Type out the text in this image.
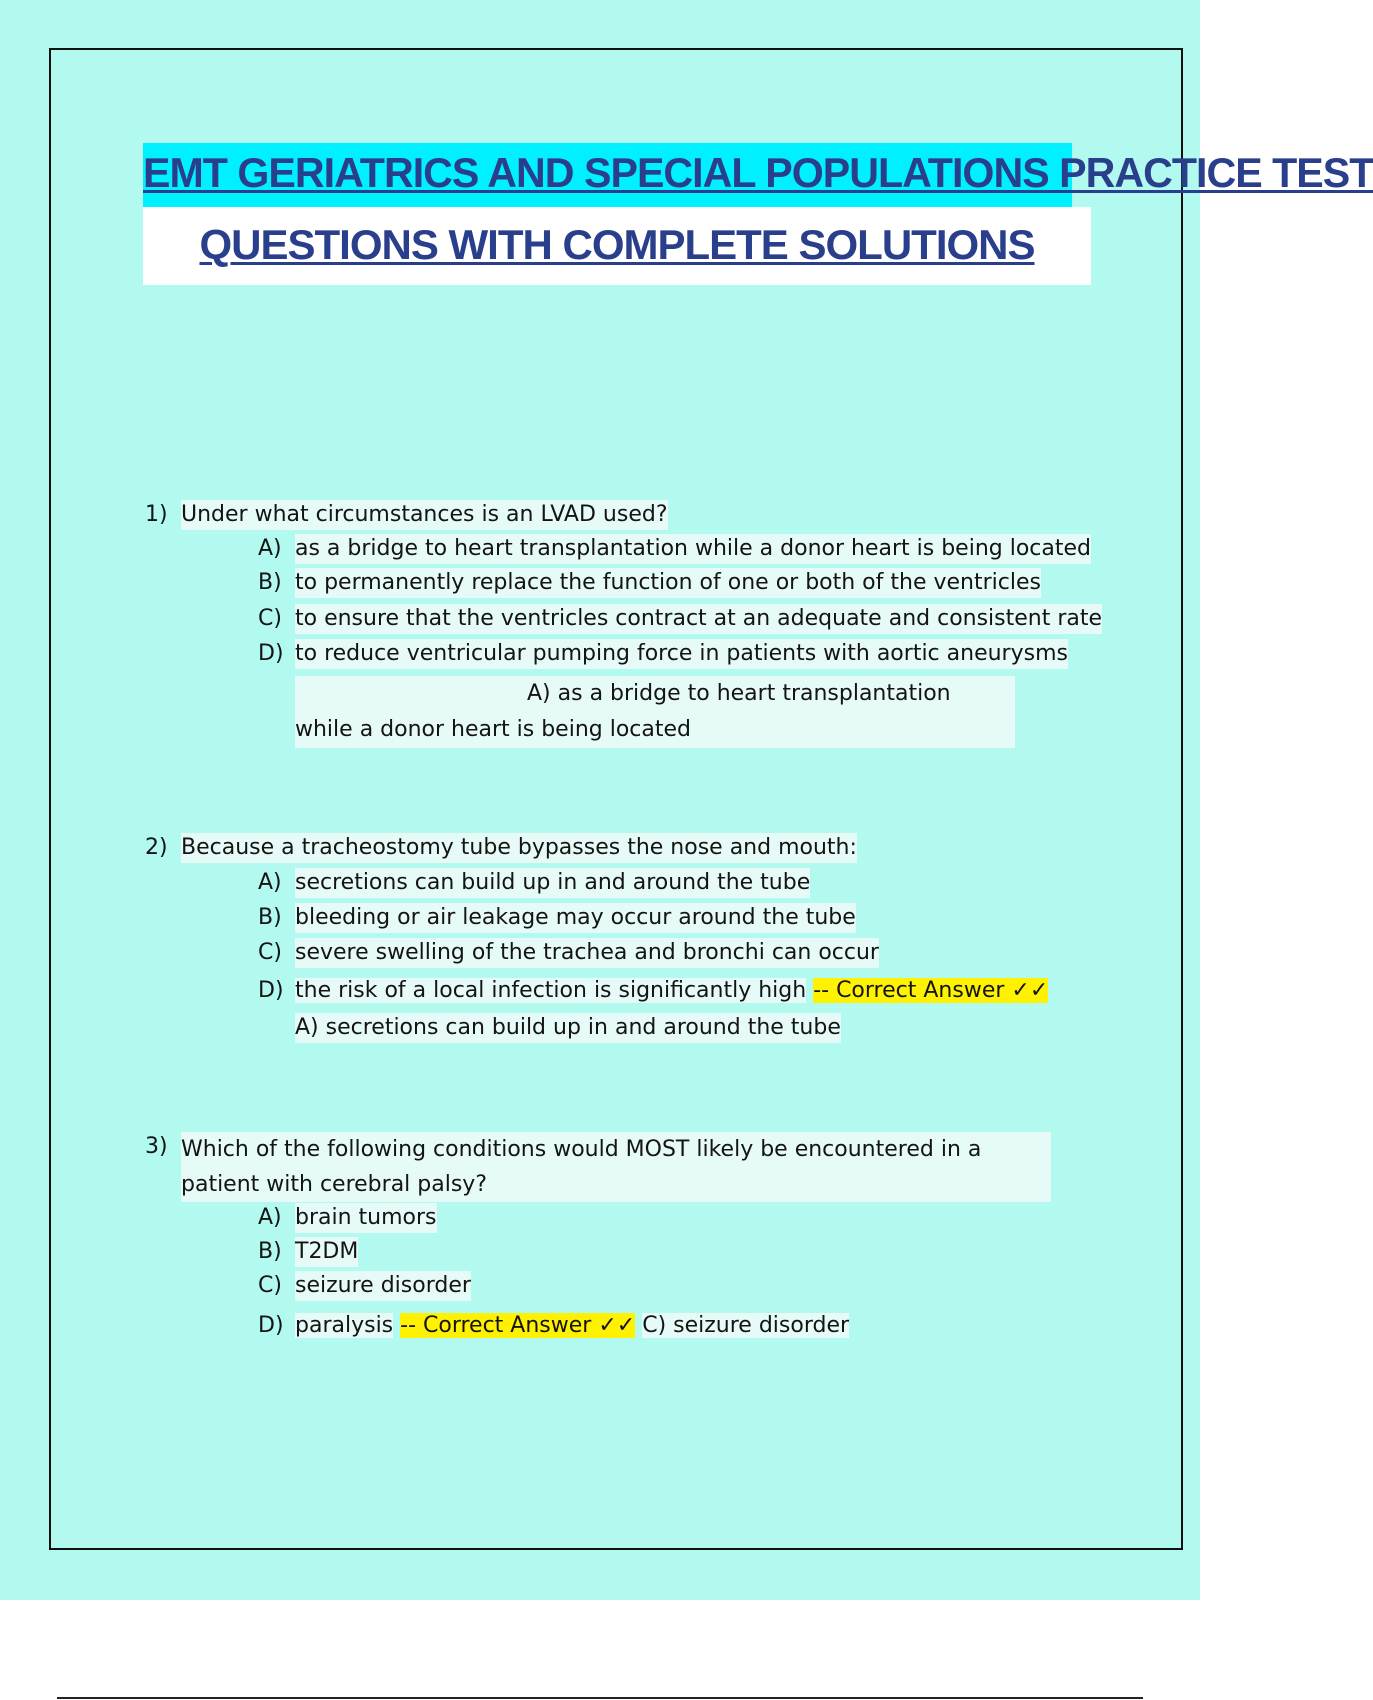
EMT GERIATRICS AND SPECIAL POPULATIONS PRACTICE TEST
QUESTIONS WITH COMPLETE SOLUTIONS
1) Under what circumstances is an LVAD used?
A) as a bridge to heart transplantation while a donor heart is being located
B) to permanently replace the function of one or both of the ventricles
C) to ensure that the ventricles contract at an adequate and consistent rate
D) to reduce ventricular pumping force in patients with aortic aneurysms
A) as a bridge to heart transplantation while a donor heart is being located
2) Because a tracheostomy tube bypasses the nose and mouth:
A) secretions can build up in and around the tube
B) bleeding or air leakage may occur around the tube
C) severe swelling of the trachea and bronchi can occur
D) the risk of a local infection is significantly high -- Correct Answer ✓✓
A) secretions can build up in and around the tube
3) Which of the following conditions would MOST likely be encountered in a patient with cerebral palsy?
A) brain tumors
B) T2DM
C) seizure disorder
D) paralysis -- Correct Answer ✓✓ C) seizure disorder
